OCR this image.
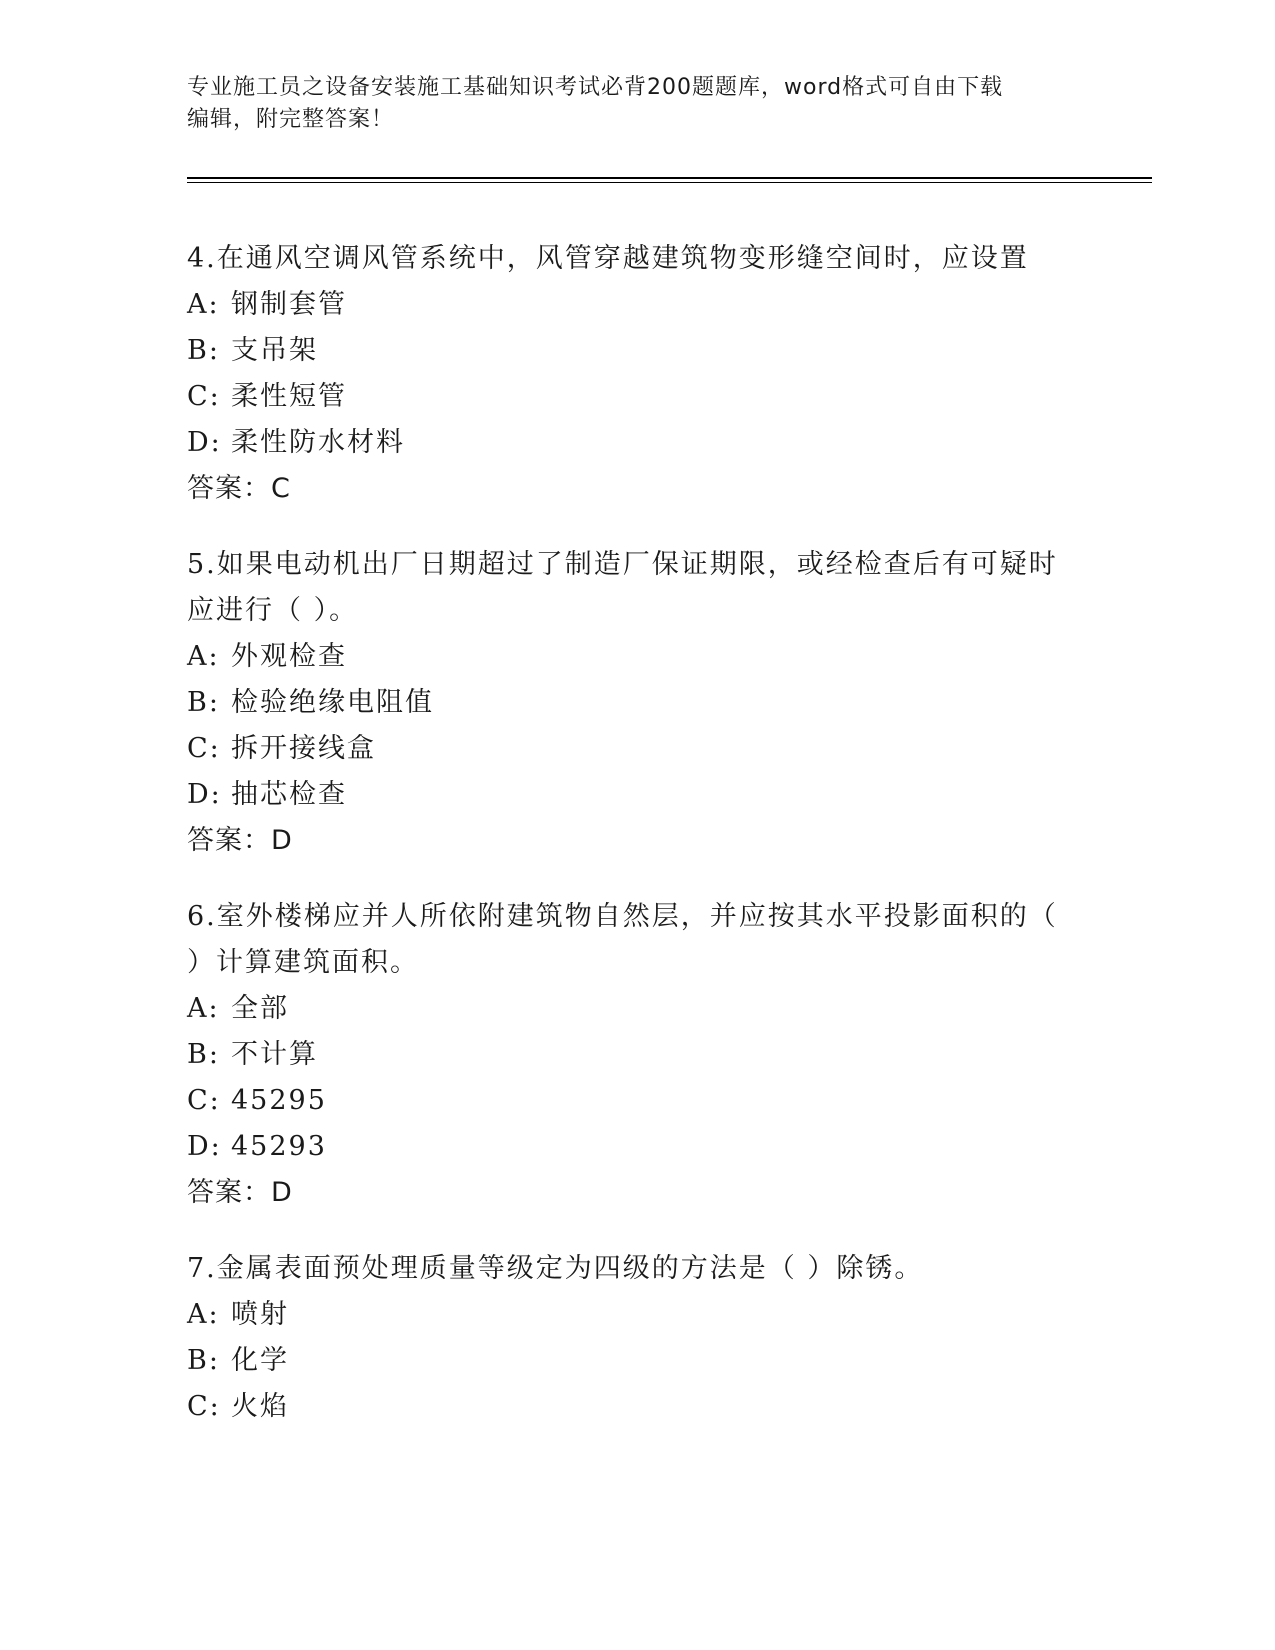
专业施工员之设备安装施工基础知识考试必背200题题库，word格式可自由下载
编辑，附完整答案！
4.在通风空调风管系统中，风管穿越建筑物变形缝空间时，应设置
A: 钢制套管
B: 支吊架
C: 柔性短管
D: 柔性防水材料
答案：C
5.如果电动机出厂日期超过了制造厂保证期限，或经检查后有可疑时
应进行（ ）。
A: 外观检查
B: 检验绝缘电阻值
C: 拆开接线盒
D: 抽芯检查
答案：D
6.室外楼梯应并人所依附建筑物自然层，并应按其水平投影面积的（
）计算建筑面积。
A: 全部
B: 不计算
C: 45295
D: 45293
答案：D
7.金属表面预处理质量等级定为四级的方法是（ ）除锈。
A: 喷射
B: 化学
C: 火焰
